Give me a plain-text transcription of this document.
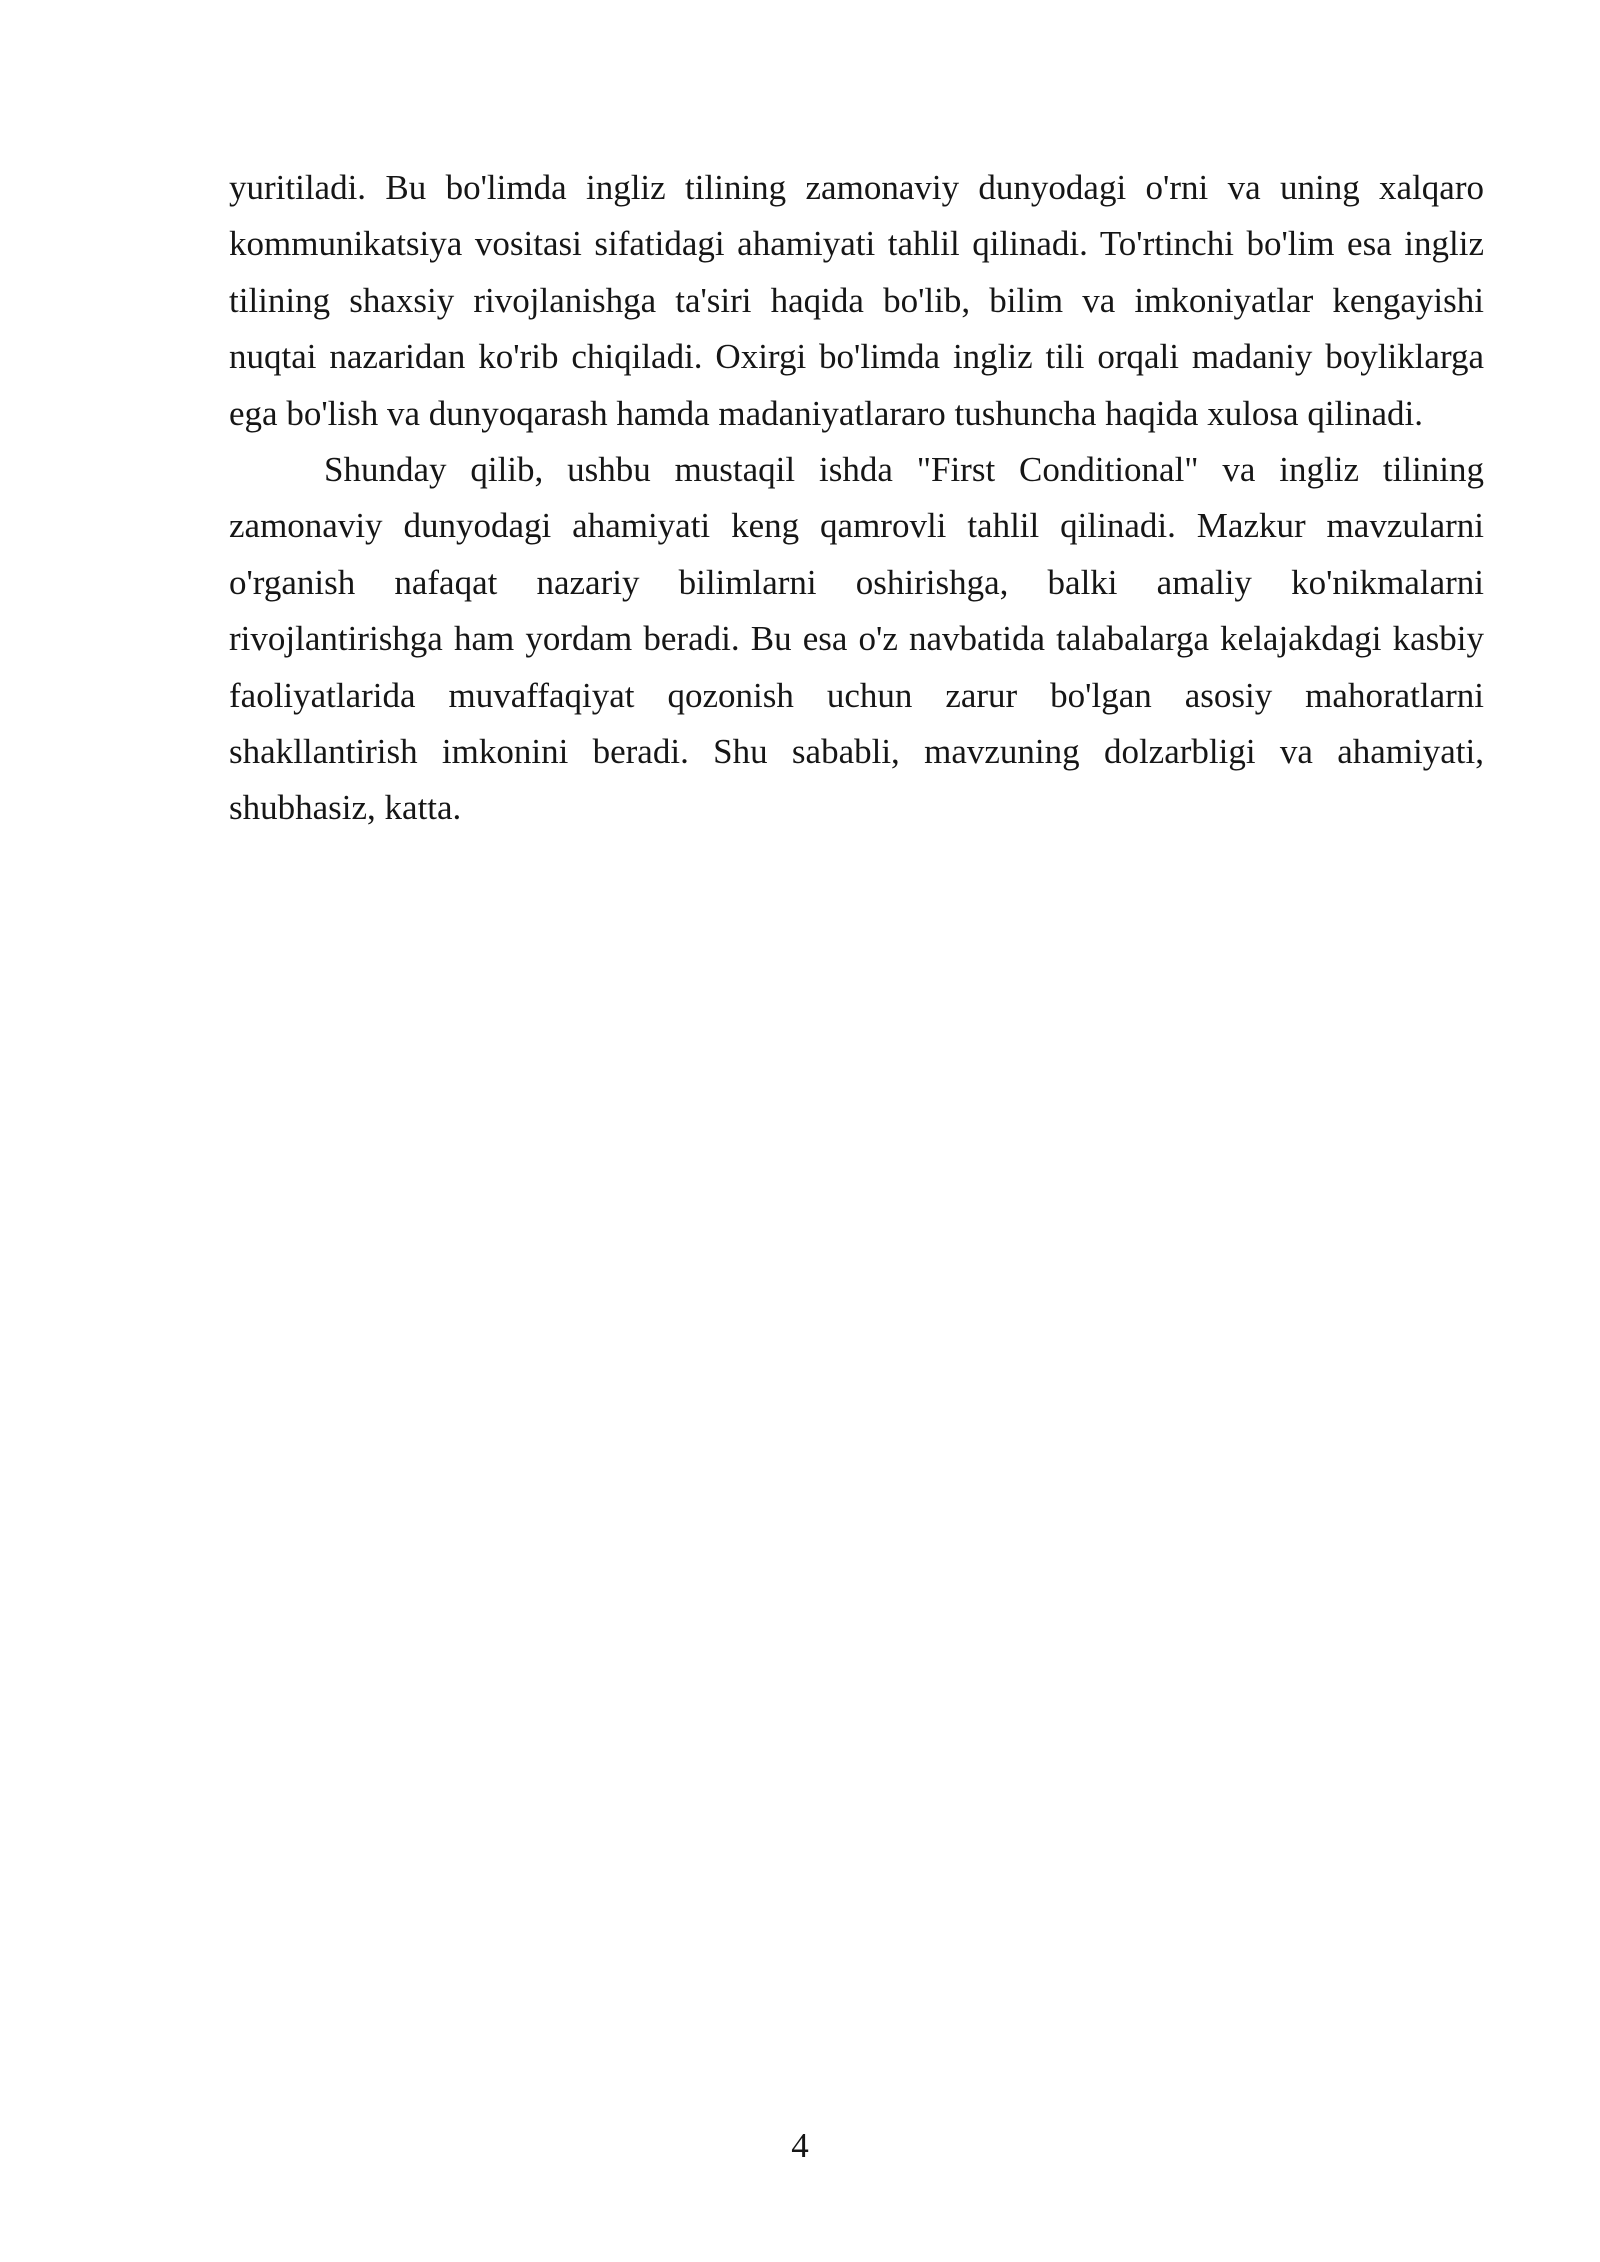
yuritiladi. Bu bo'limda ingliz tilining zamonaviy dunyodagi o'rni va uning xalqaro kommunikatsiya vositasi sifatidagi ahamiyati tahlil qilinadi. To'rtinchi bo'lim esa ingliz tilining shaxsiy rivojlanishga ta'siri haqida bo'lib, bilim va imkoniyatlar kengayishi nuqtai nazaridan ko'rib chiqiladi. Oxirgi bo'limda ingliz tili orqali madaniy boyliklarga ega bo'lish va dunyoqarash hamda madaniyatlararo tushuncha haqida xulosa qilinadi.

Shunday qilib, ushbu mustaqil ishda "First Conditional" va ingliz tilining zamonaviy dunyodagi ahamiyati keng qamrovli tahlil qilinadi. Mazkur mavzularni o'rganish nafaqat nazariy bilimlarni oshirishga, balki amaliy ko'nikmalarni rivojlantirishga ham yordam beradi. Bu esa o'z navbatida talabalarga kelajakdagi kasbiy faoliyatlarida muvaffaqiyat qozonish uchun zarur bo'lgan asosiy mahoratlarni shakllantirish imkonini beradi. Shu sababli, mavzuning dolzarbligi va ahamiyati, shubhasiz, katta.

4
